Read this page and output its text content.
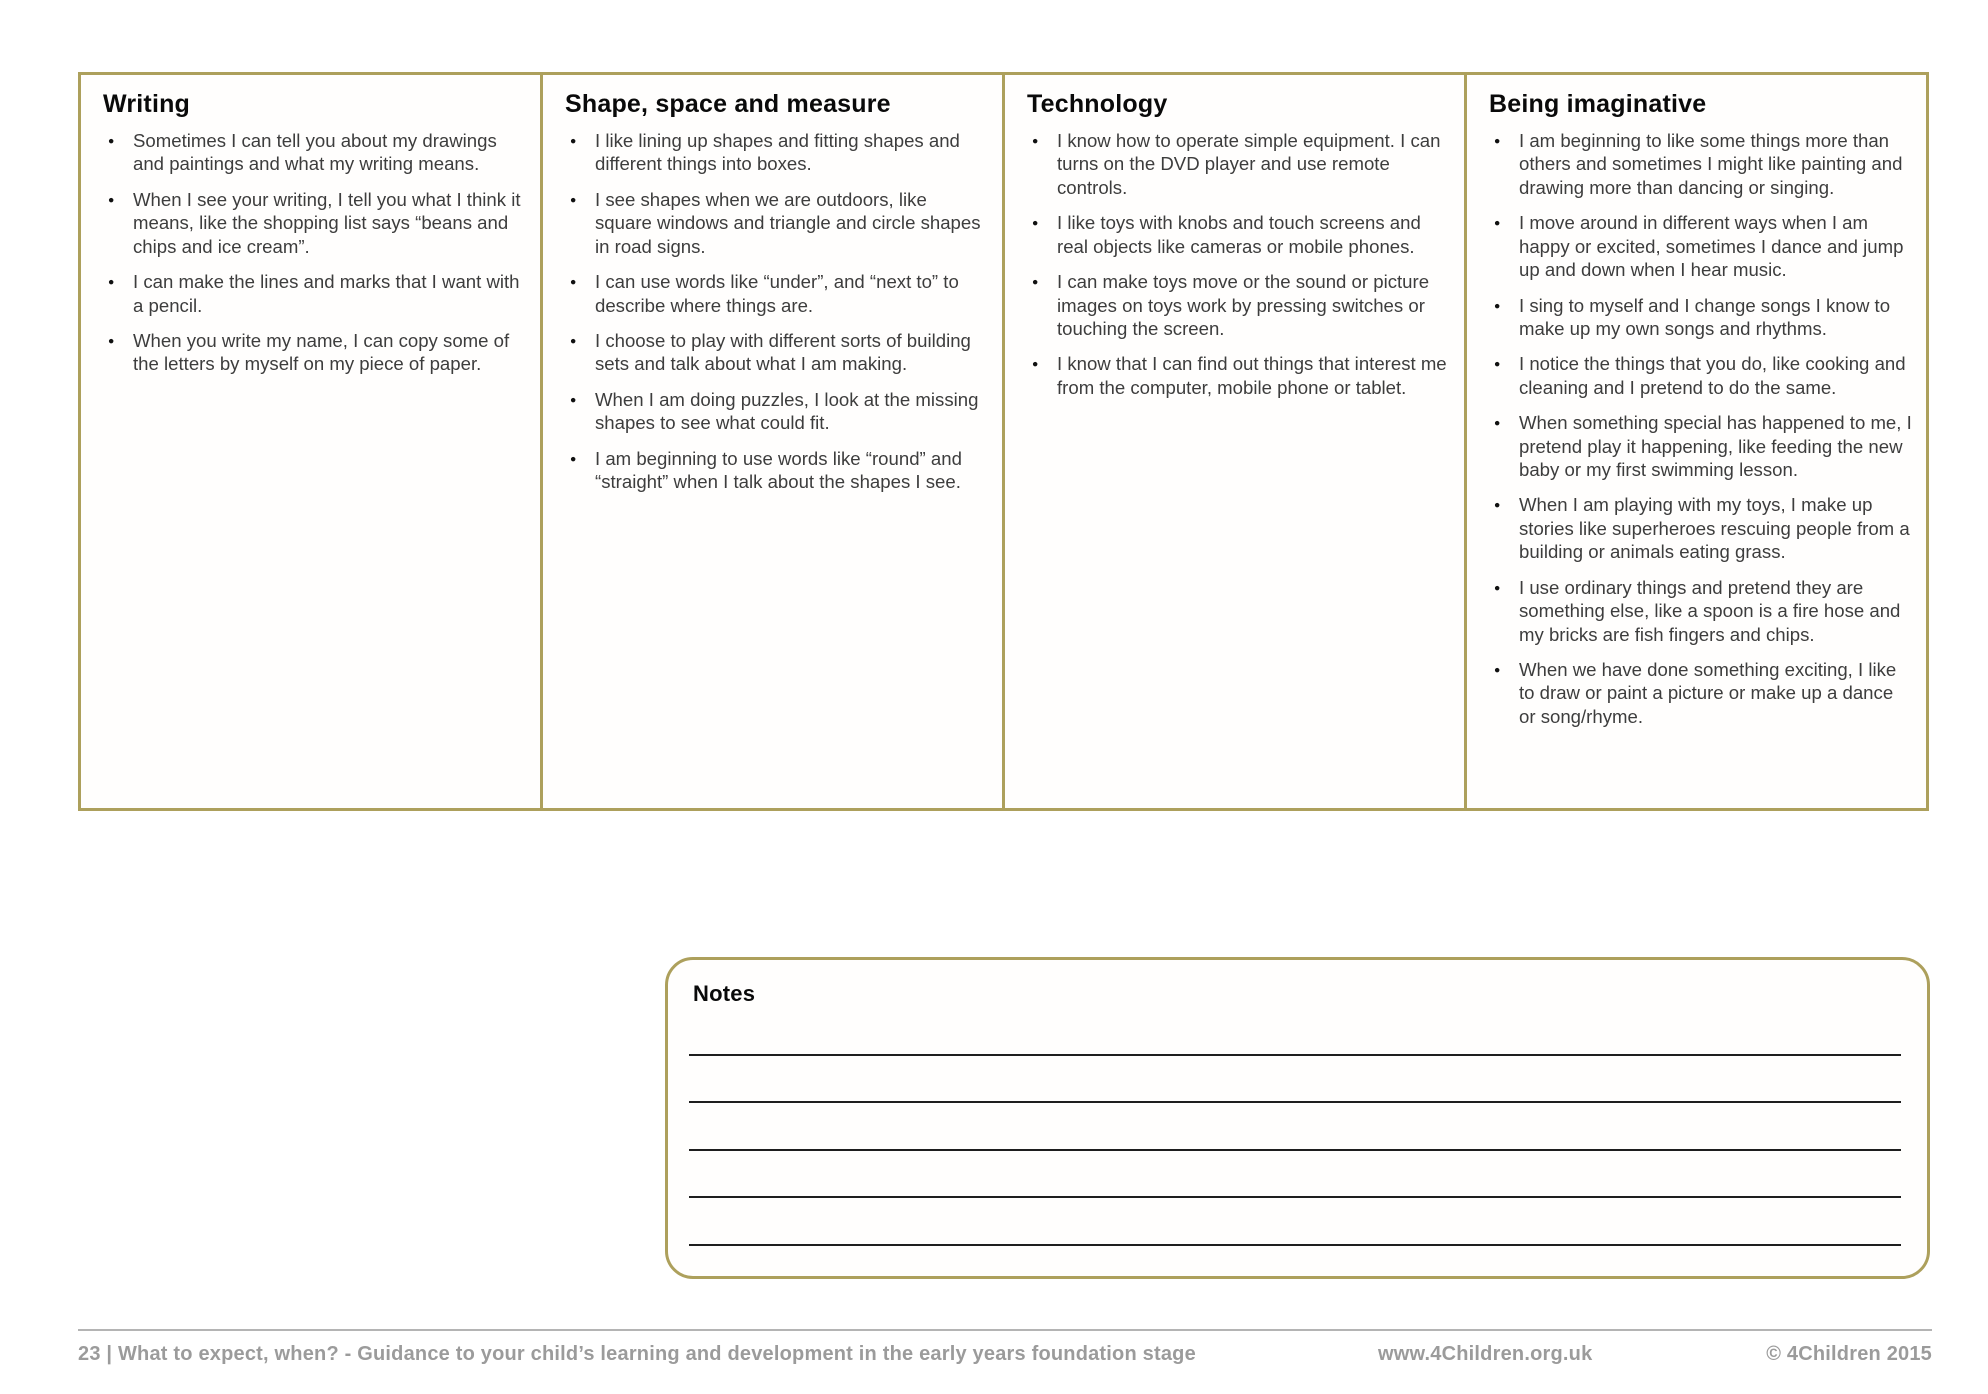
Writing
● Sometimes I can tell you about my drawings and paintings and what my writing means.
● When I see your writing, I tell you what I think it means, like the shopping list says “beans and chips and ice cream”.
● I can make the lines and marks that I want with a pencil.
● When you write my name, I can copy some of the letters by myself on my piece of paper.
Shape, space and measure
● I like lining up shapes and fitting shapes and different things into boxes.
● I see shapes when we are outdoors, like square windows and triangle and circle shapes in road signs.
● I can use words like “under”, and “next to” to describe where things are.
● I choose to play with different sorts of building sets and talk about what I am making.
● When I am doing puzzles, I look at the missing shapes to see what could fit.
● I am beginning to use words like “round” and “straight” when I talk about the shapes I see.
Technology
● I know how to operate simple equipment. I can turns on the DVD player and use remote controls.
● I like toys with knobs and touch screens and real objects like cameras or mobile phones.
● I can make toys move or the sound or picture images on toys work by pressing switches or touching the screen.
● I know that I can find out things that interest me from the computer, mobile phone or tablet.
Being imaginative
● I am beginning to like some things more than others and sometimes I might like painting and drawing more than dancing or singing.
● I move around in different ways when I am happy or excited, sometimes I dance and jump up and down when I hear music.
● I sing to myself and I change songs I know to make up my own songs and rhythms.
● I notice the things that you do, like cooking and cleaning and I pretend to do the same.
● When something special has happened to me, I pretend play it happening, like feeding the new baby or my first swimming lesson.
● When I am playing with my toys, I make up stories like superheroes rescuing people from a building or animals eating grass.
● I use ordinary things and pretend they are something else, like a spoon is a fire hose and my bricks are fish fingers and chips.
● When we have done something exciting, I like to draw or paint a picture or make up a dance or song/rhyme.
Notes
23 | What to expect, when? - Guidance to your child’s learning and development in the early years foundation stage	www.4Children.org.uk	© 4Children 2015
